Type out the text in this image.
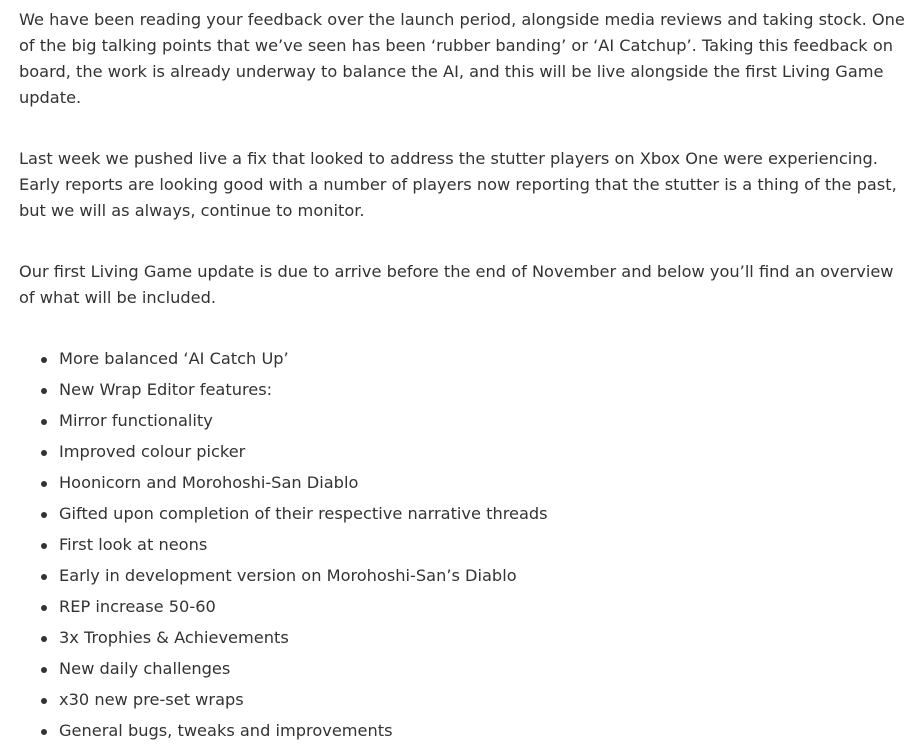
We have been reading your feedback over the launch period, alongside media reviews and taking stock. One of the big talking points that we’ve seen has been ‘rubber banding’ or ‘AI Catchup’. Taking this feedback on board, the work is already underway to balance the AI, and this will be live alongside the first Living Game update.

Last week we pushed live a fix that looked to address the stutter players on Xbox One were experiencing. Early reports are looking good with a number of players now reporting that the stutter is a thing of the past, but we will as always, continue to monitor.

Our first Living Game update is due to arrive before the end of November and below you’ll find an overview of what will be included.

More balanced ‘AI Catch Up’
New Wrap Editor features:
Mirror functionality
Improved colour picker
Hoonicorn and Morohoshi-San Diablo
Gifted upon completion of their respective narrative threads
First look at neons
Early in development version on Morohoshi-San’s Diablo
REP increase 50-60
3x Trophies & Achievements
New daily challenges
x30 new pre-set wraps
General bugs, tweaks and improvements
